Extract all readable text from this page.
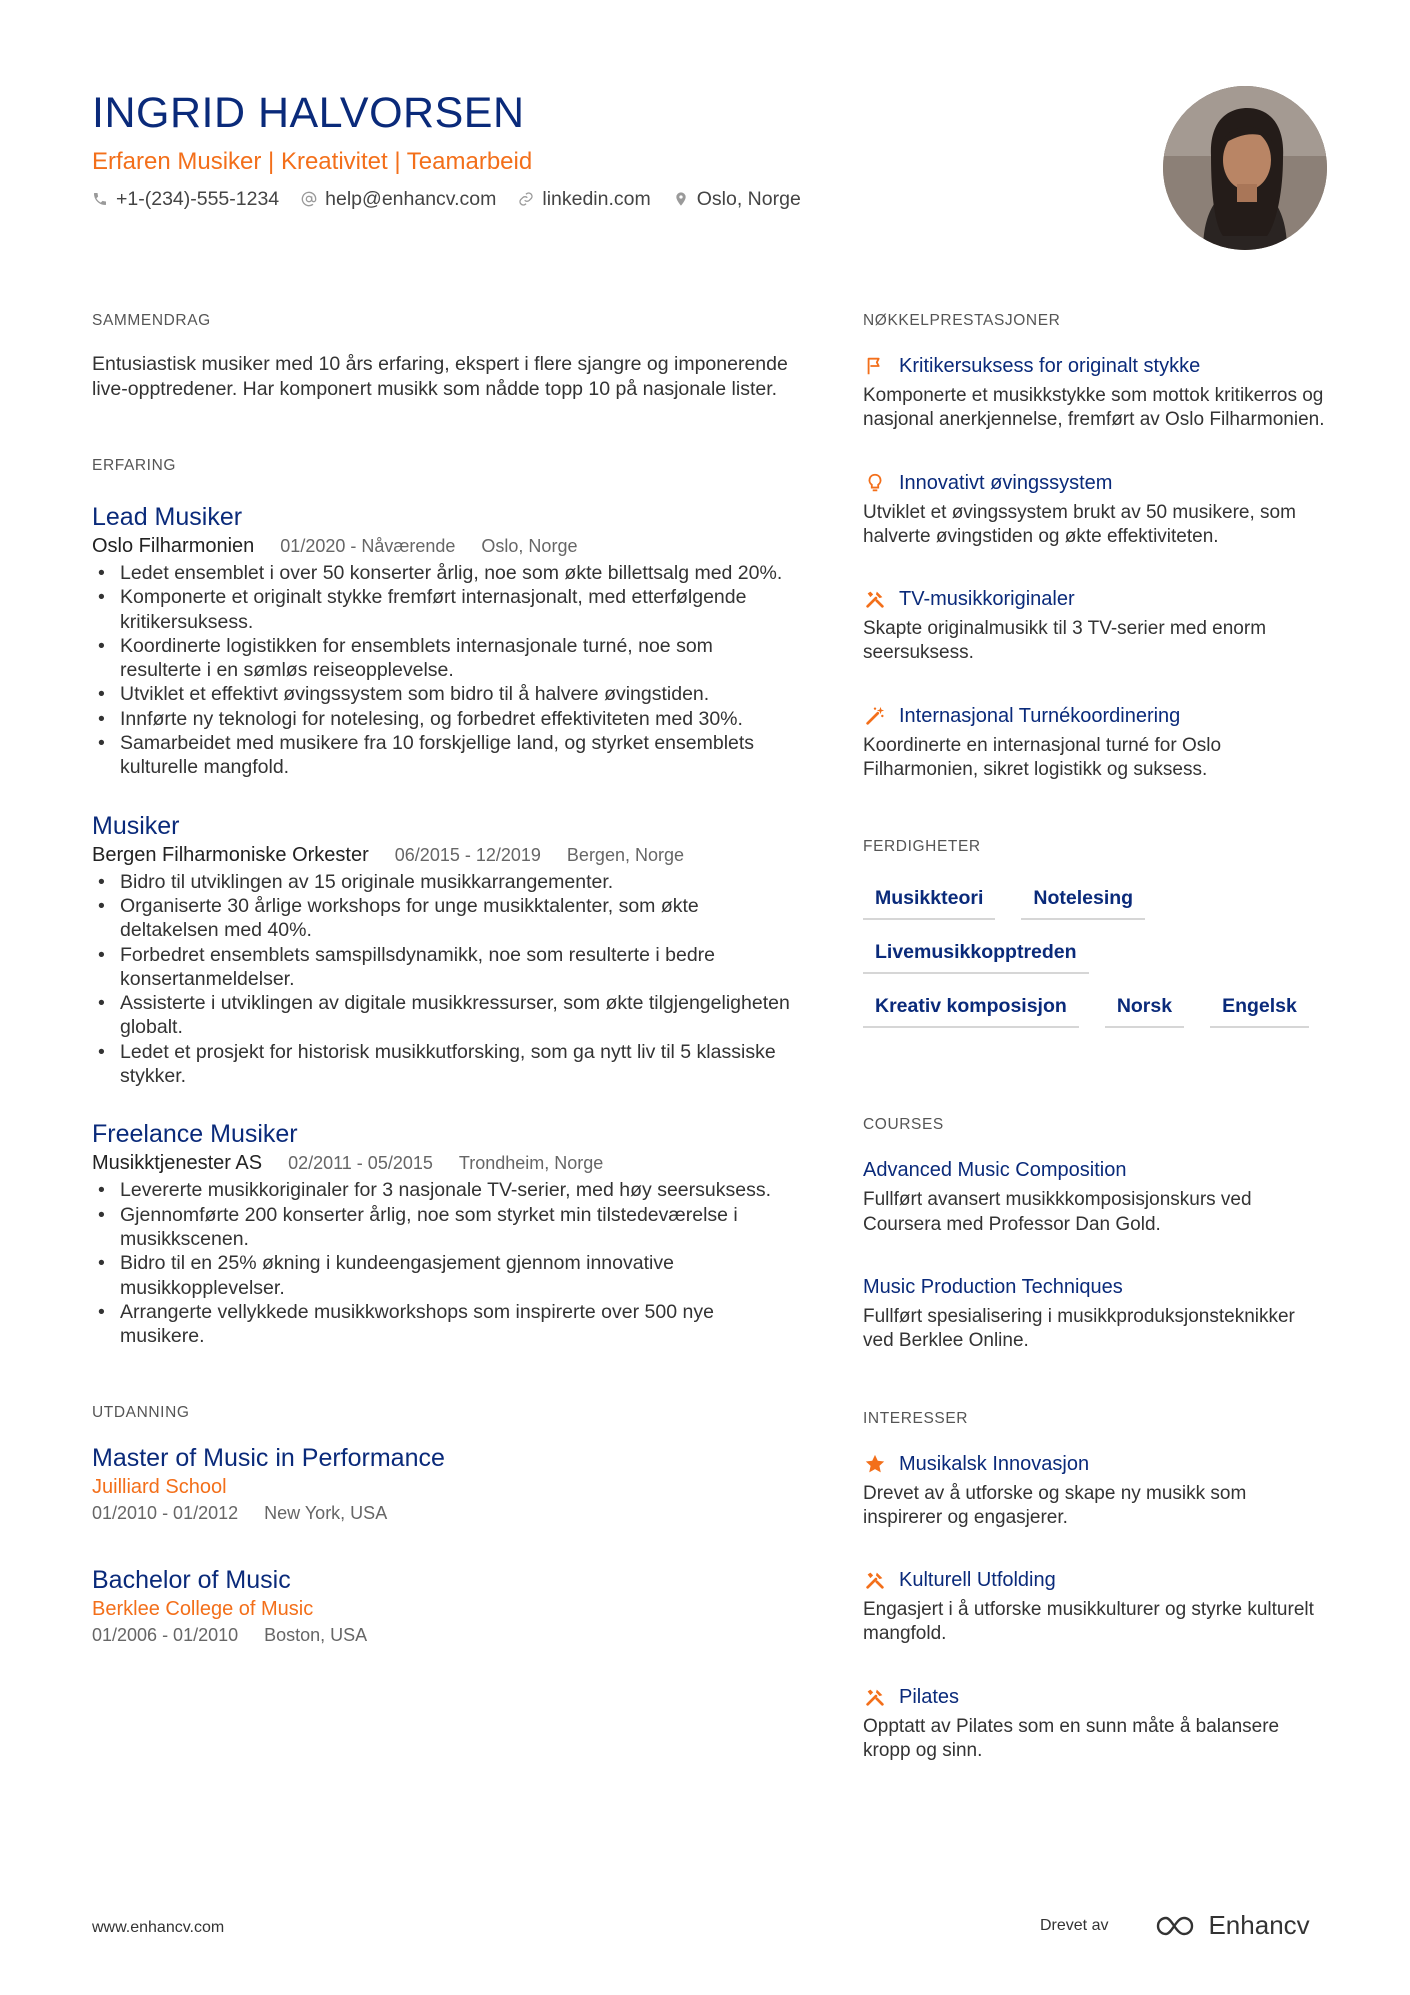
INGRID HALVORSEN
Erfaren Musiker | Kreativitet | Teamarbeid
+1-(234)-555-1234 help@enhancv.com linkedin.com Oslo, Norge
SAMMENDRAG

Entusiastisk musiker med 10 års erfaring, ekspert i flere sjangre og imponerende live-opptredener. Har komponert musikk som nådde topp 10 på nasjonale lister.

ERFARING
Lead Musiker
Oslo Filharmonien 01/2020 - Nåværende Oslo, Norge
• Ledet ensemblet i over 50 konserter årlig, noe som økte billettsalg med 20%.
• Komponerte et originalt stykke fremført internasjonalt, med etterfølgende kritikersuksess.
• Koordinerte logistikken for ensemblets internasjonale turné, noe som resulterte i en sømløs reiseopplevelse.
• Utviklet et effektivt øvingssystem som bidro til å halvere øvingstiden.
• Innførte ny teknologi for notelesing, og forbedret effektiviteten med 30%.
• Samarbeidet med musikere fra 10 forskjellige land, og styrket ensemblets kulturelle mangfold.
Musiker
Bergen Filharmoniske Orkester 06/2015 - 12/2019 Bergen, Norge
• Bidro til utviklingen av 15 originale musikkarrangementer.
• Organiserte 30 årlige workshops for unge musikktalenter, som økte deltakelsen med 40%.
• Forbedret ensemblets samspillsdynamikk, noe som resulterte i bedre konsertanmeldelser.
• Assisterte i utviklingen av digitale musikkressurser, som økte tilgjengeligheten globalt.
• Ledet et prosjekt for historisk musikkutforsking, som ga nytt liv til 5 klassiske stykker.
Freelance Musiker
Musikktjenester AS 02/2011 - 05/2015 Trondheim, Norge
• Levererte musikkoriginaler for 3 nasjonale TV-serier, med høy seersuksess.
• Gjennomførte 200 konserter årlig, noe som styrket min tilstedeværelse i musikkscenen.
• Bidro til en 25% økning i kundeengasjement gjennom innovative musikkopplevelser.
• Arrangerte vellykkede musikkworkshops som inspirerte over 500 nye musikere.
UTDANNING
Master of Music in Performance
Juilliard School
01/2010 - 01/2012 New York, USA
Bachelor of Music
Berklee College of Music
01/2006 - 01/2010 Boston, USA
NØKKELPRESTASJONER
Kritikersuksess for originalt stykke
Komponerte et musikkstykke som mottok kritikerros og nasjonal anerkjennelse, fremført av Oslo Filharmonien.
Innovativt øvingssystem
Utviklet et øvingssystem brukt av 50 musikere, som halverte øvingstiden og økte effektiviteten.
TV-musikkoriginaler
Skapte originalmusikk til 3 TV-serier med enorm seersuksess.
Internasjonal Turnékoordinering
Koordinerte en internasjonal turné for Oslo Filharmonien, sikret logistikk og suksess.
FERDIGHETER
Musikkteori	Notelesing
Livemusikkopptreden
Kreativ komposisjon	Norsk	Engelsk
COURSES
Advanced Music Composition
Fullført avansert musikkkomposisjonskurs ved Coursera med Professor Dan Gold.
Music Production Techniques
Fullført spesialisering i musikkproduksjonsteknikker ved Berklee Online.
INTERESSER
Musikalsk Innovasjon
Drevet av å utforske og skape ny musikk som inspirerer og engasjerer.
Kulturell Utfolding
Engasjert i å utforske musikkulturer og styrke kulturelt mangfold.
Pilates
Opptatt av Pilates som en sunn måte å balansere kropp og sinn.
www.enhancv.com	Drevet av	Enhancv
